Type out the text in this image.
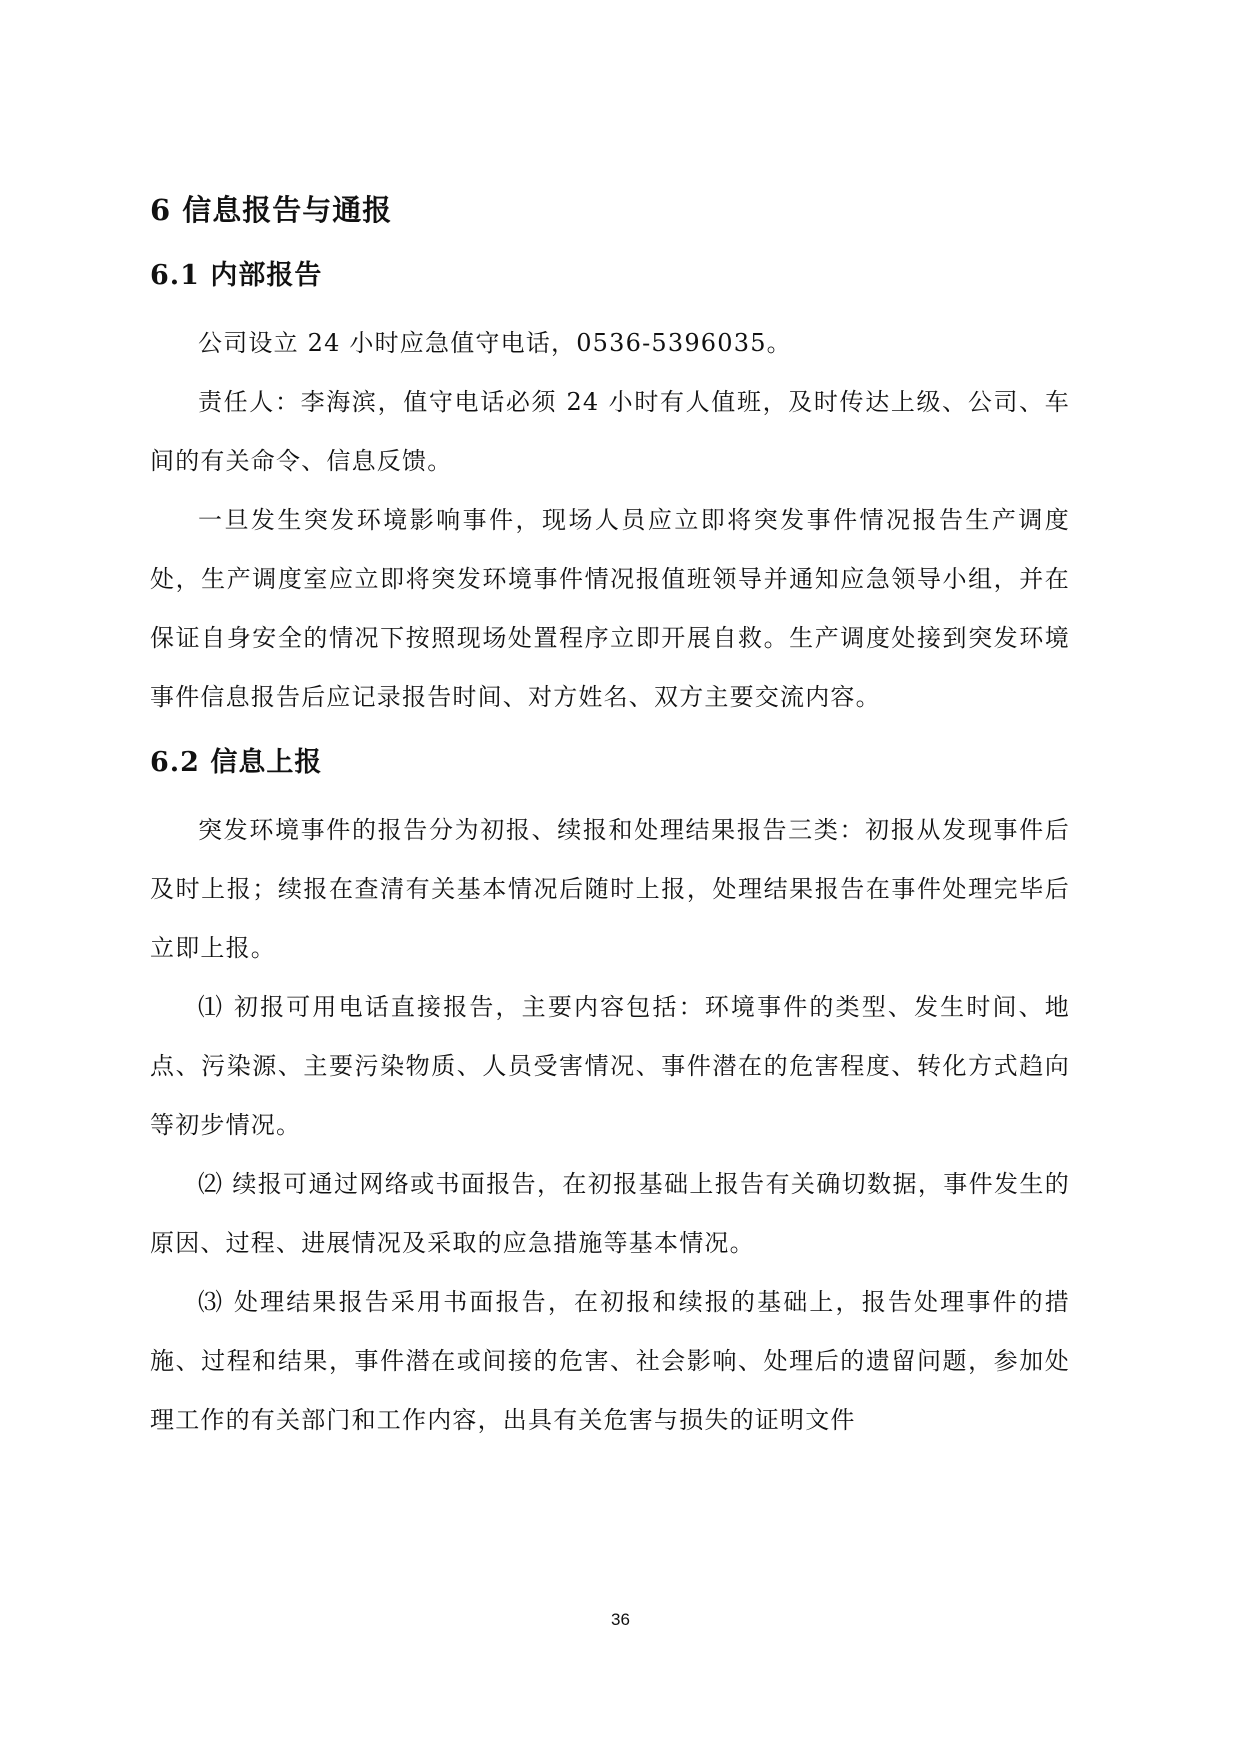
6 信息报告与通报
6.1 内部报告

公司设立 24 小时应急值守电话，0536-5396035。

责任人：李海滨，值守电话必须 24 小时有人值班，及时传达上级、公司、车间的有关命令、信息反馈。

一旦发生突发环境影响事件，现场人员应立即将突发事件情况报告生产调度处，生产调度室应立即将突发环境事件情况报值班领导并通知应急领导小组，并在保证自身安全的情况下按照现场处置程序立即开展自救。生产调度处接到突发环境事件信息报告后应记录报告时间、对方姓名、双方主要交流内容。

6.2 信息上报

突发环境事件的报告分为初报、续报和处理结果报告三类：初报从发现事件后及时上报；续报在查清有关基本情况后随时上报，处理结果报告在事件处理完毕后立即上报。

⑴ 初报可用电话直接报告，主要内容包括：环境事件的类型、发生时间、地点、污染源、主要污染物质、人员受害情况、事件潜在的危害程度、转化方式趋向等初步情况。

⑵ 续报可通过网络或书面报告，在初报基础上报告有关确切数据，事件发生的原因、过程、进展情况及采取的应急措施等基本情况。

⑶ 处理结果报告采用书面报告，在初报和续报的基础上，报告处理事件的措施、过程和结果，事件潜在或间接的危害、社会影响、处理后的遗留问题，参加处理工作的有关部门和工作内容，出具有关危害与损失的证明文件

36
